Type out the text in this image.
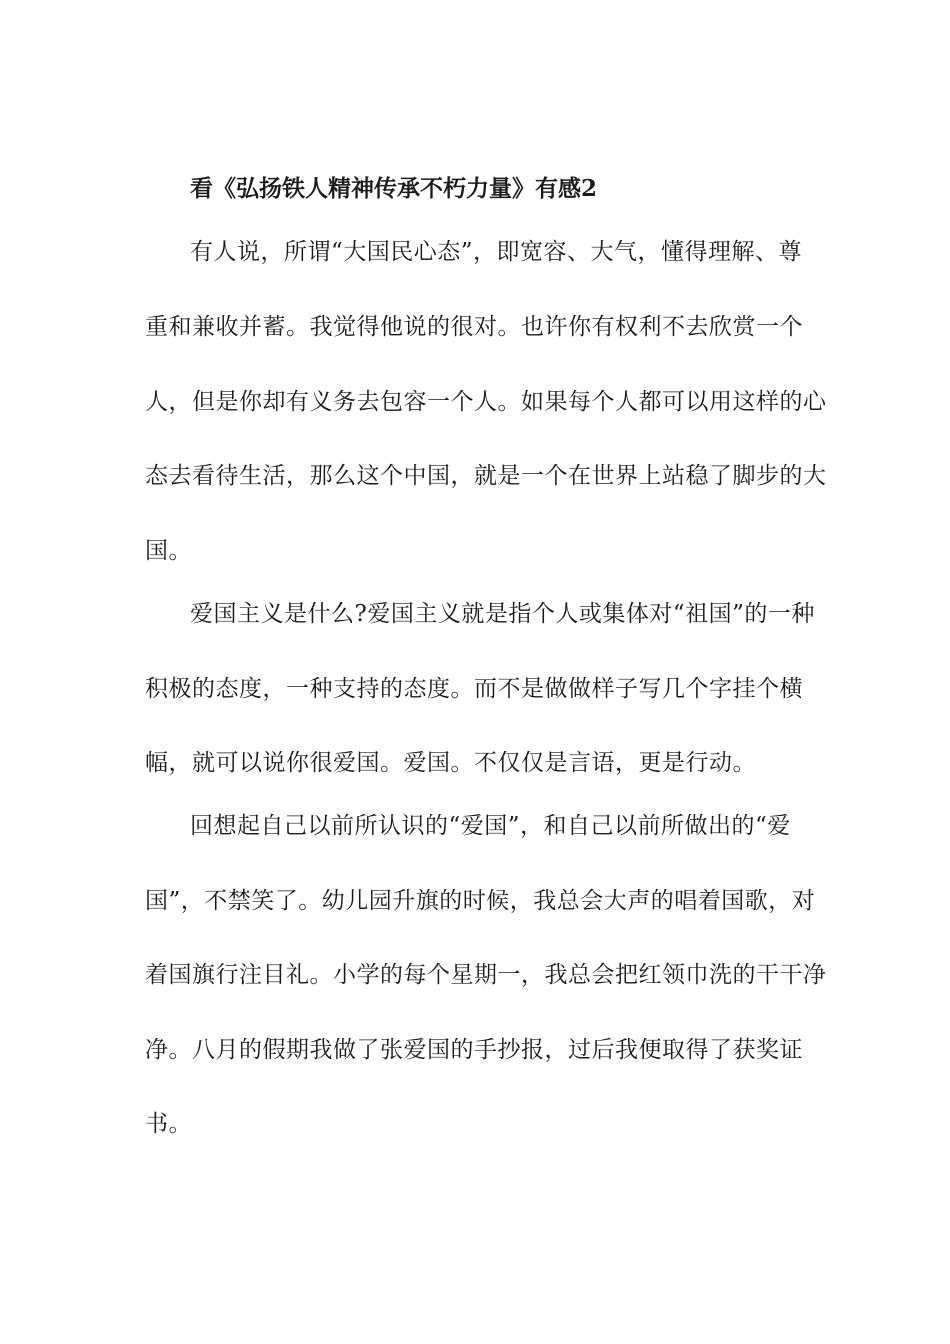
看《弘扬铁人精神传承不朽力量》有感2
有人说，所谓“大国民心态”，即宽容、大气，懂得理解、尊
重和兼收并蓄。我觉得他说的很对。也许你有权利不去欣赏一个
人，但是你却有义务去包容一个人。如果每个人都可以用这样的心
态去看待生活，那么这个中国，就是一个在世界上站稳了脚步的大
国。
爱国主义是什么?爱国主义就是指个人或集体对“祖国”的一种
积极的态度，一种支持的态度。而不是做做样子写几个字挂个横
幅，就可以说你很爱国。爱国。不仅仅是言语，更是行动。
回想起自己以前所认识的“爱国”，和自己以前所做出的“爱
国”，不禁笑了。幼儿园升旗的时候，我总会大声的唱着国歌，对
着国旗行注目礼。小学的每个星期一，我总会把红领巾洗的干干净
净。八月的假期我做了张爱国的手抄报，过后我便取得了获奖证
书。
